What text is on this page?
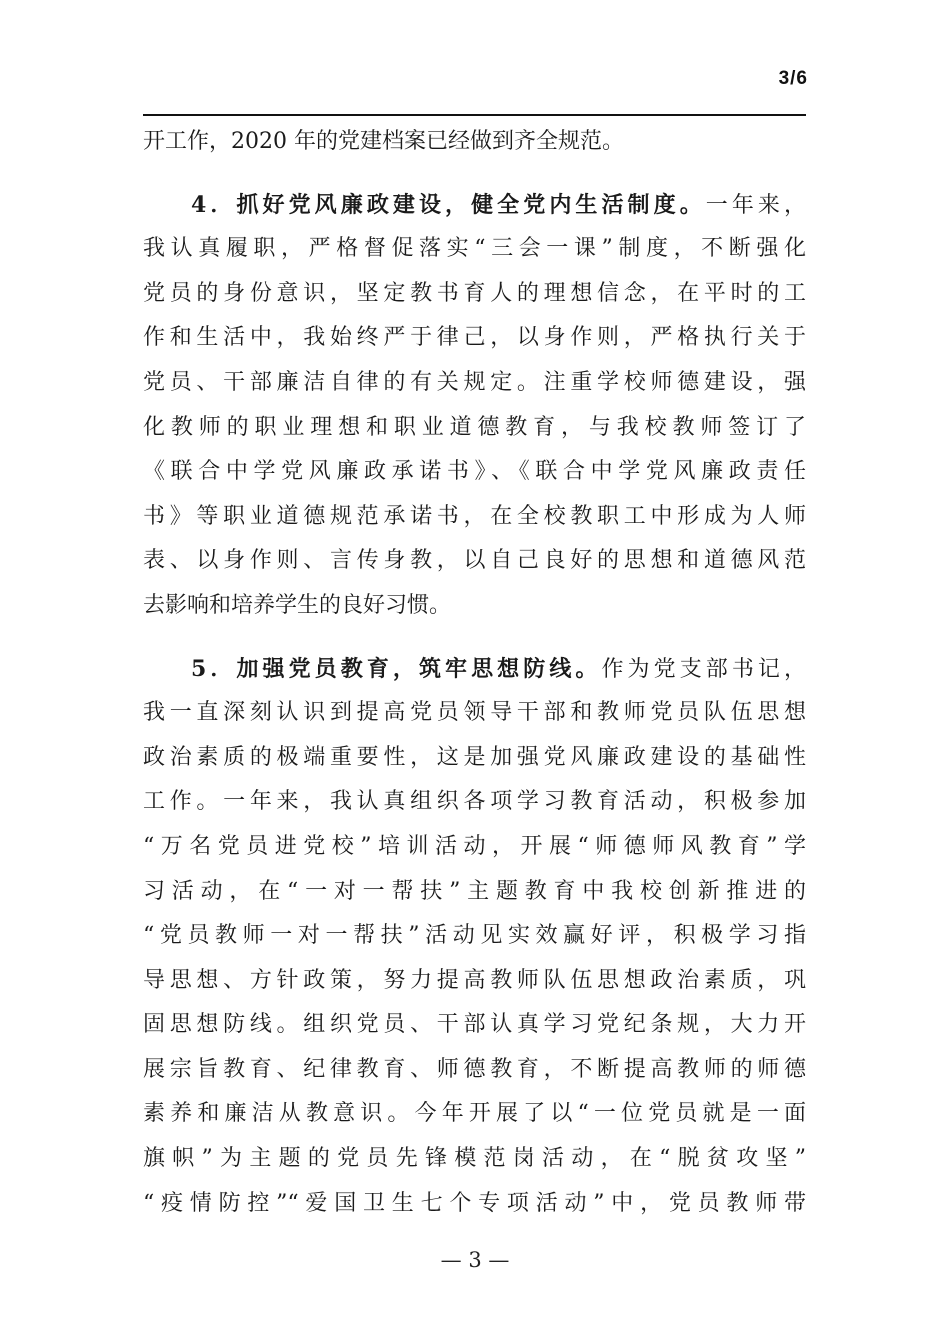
3/6
开工作，2020 年的党建档案已经做到齐全规范。
4．抓好党风廉政建设，健全党内生活制度。一年来，
我认真履职，严格督促落实“三会一课”制度，不断强化
党员的身份意识，坚定教书育人的理想信念，在平时的工
作和生活中，我始终严于律己，以身作则，严格执行关于
党员、干部廉洁自律的有关规定。注重学校师德建设，强
化教师的职业理想和职业道德教育，与我校教师签订了
《联合中学党风廉政承诺书》、《联合中学党风廉政责任
书》等职业道德规范承诺书，在全校教职工中形成为人师
表、以身作则、言传身教，以自己良好的思想和道德风范
去影响和培养学生的良好习惯。
5．加强党员教育，筑牢思想防线。作为党支部书记，
我一直深刻认识到提高党员领导干部和教师党员队伍思想
政治素质的极端重要性，这是加强党风廉政建设的基础性
工作。一年来，我认真组织各项学习教育活动，积极参加
“万名党员进党校”培训活动，开展“师德师风教育”学
习活动，在“一对一帮扶”主题教育中我校创新推进的
“党员教师一对一帮扶”活动见实效赢好评，积极学习指
导思想、方针政策，努力提高教师队伍思想政治素质，巩
固思想防线。组织党员、干部认真学习党纪条规，大力开
展宗旨教育、纪律教育、师德教育，不断提高教师的师德
素养和廉洁从教意识。今年开展了以“一位党员就是一面
旗帜”为主题的党员先锋模范岗活动，在“脱贫攻坚”
“疫情防控”“爱国卫生七个专项活动”中，党员教师带
— 3 —
